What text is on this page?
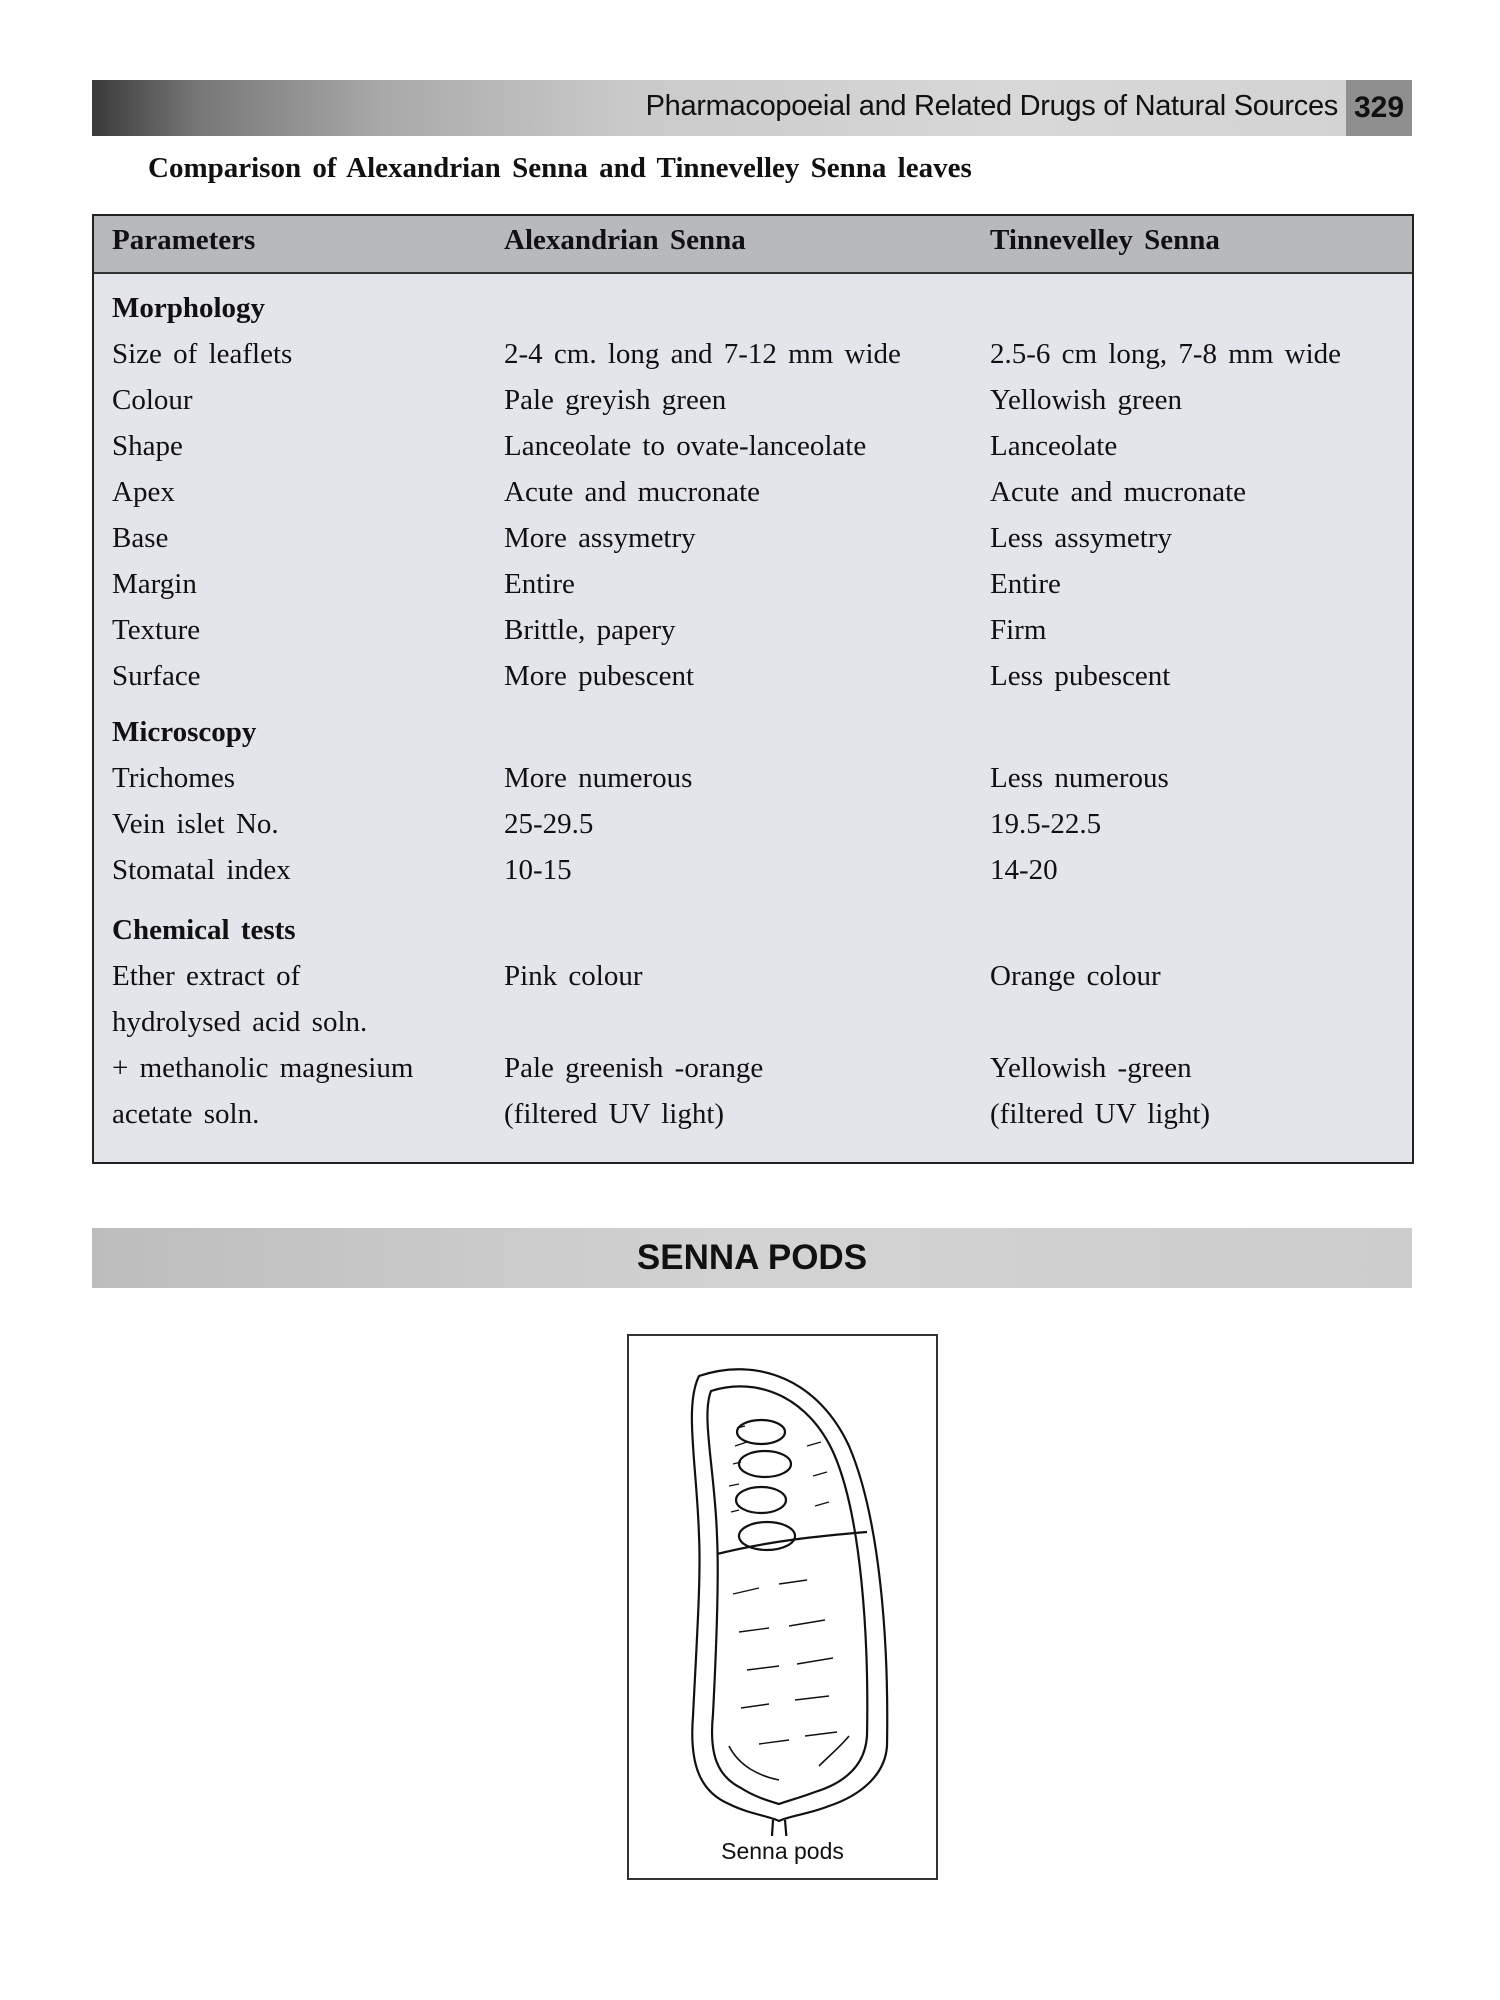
Pharmacopoeial and Related Drugs of Natural Sources 329
Comparison of Alexandrian Senna and Tinnevelley Senna leaves
Parameters	Alexandrian Senna	Tinnevelley Senna
Morphology
Size of leaflets	2-4 cm. long and 7-12 mm wide	2.5-6 cm long, 7-8 mm wide
Colour	Pale greyish green	Yellowish green
Shape	Lanceolate to ovate-lanceolate	Lanceolate
Apex	Acute and mucronate	Acute and mucronate
Base	More assymetry	Less assymetry
Margin	Entire	Entire
Texture	Brittle, papery	Firm
Surface	More pubescent	Less pubescent
Microscopy
Trichomes	More numerous	Less numerous
Vein islet No.	25-29.5	19.5-22.5
Stomatal index	10-15	14-20
Chemical tests
Ether extract of	Pink colour	Orange colour
hydrolysed acid soln.
+ methanolic magnesium	Pale greenish -orange	Yellowish -green
acetate soln.	(filtered UV light)	(filtered UV light)
SENNA PODS
Senna pods
